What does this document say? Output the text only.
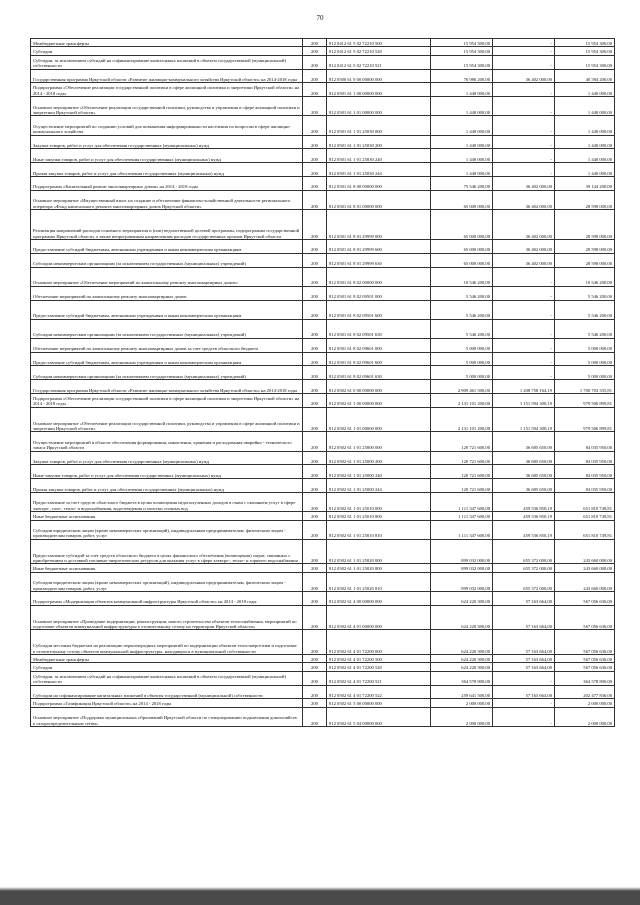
70
Межбюджетные трансферты	200	812 0412 61 5 02 72210 500	15 954 300,00	-	15 954 300,00
Субсидии	200	812 0412 61 5 02 72210 520	15 954 300,00	-	15 954 300,00
Субсидии, за исключением субсидий на софинансирование капитальных вложений в объекты государственной (муниципальной) собственности	200	812 0412 61 5 02 72210 521	15 954 300,00	-	15 954 300,00
Государственная программа Иркутской области «Развитие жилищно-коммунального хозяйства Иркутской области» на 2014-2018 годы	200	812 0500 61 0 00 00000 000	76 986 200,00	36 402 000,00	40 584 200,00
Подпрограмма «Обеспечение реализации государственной политики в сфере жилищной политики и энергетики Иркутской области» на 2014 - 2018 годы	200	812 0501 61 1 00 00000 000	1 440 000,00	-	1 440 000,00
Основное мероприятие «Обеспечение реализации государственной политики, руководства и управления в сфере жилищной политики и энергетики Иркутской области»	200	812 0501 61 1 01 00000 000	1 440 000,00	-	1 440 000,00
Осуществление мероприятий по созданию условий для повышения информированности населения по вопросам в сфере жилищно-коммунального хозяйства	200	812 0501 61 1 01 25030 000	1 440 000,00	-	1 440 000,00
Закупка товаров, работ и услуг для обеспечения государственных (муниципальных) нужд	200	812 0501 61 1 01 25030 200	1 440 000,00	-	1 440 000,00
Иные закупки товаров, работ и услуг для обеспечения государственных (муниципальных) нужд	200	812 0501 61 1 01 25030 240	1 440 000,00	-	1 440 000,00
Прочая закупка товаров, работ и услуг для обеспечения государственных (муниципальных) нужд	200	812 0501 61 1 01 25030 244	1 440 000,00	-	1 440 000,00
Подпрограмма «Капитальный ремонт многоквартирных домов» на 2014 - 2018 годы	200	812 0501 61 8 00 00000 000	75 546 200,00	36 402 000,00	39 144 200,00
Основное мероприятие «Имущественный взнос на создание и обеспечение финансово-хозяйственной деятельности регионального оператора «Фонд капитального ремонта многоквартирных домов Иркутской области»	200	812 0501 61 8 01 00000 000	65 000 000,00	36 402 000,00	28 598 000,00
Реализация направлений расходов основного мероприятия и (или) ведомственной целевой программы, подпрограммы государственной программы Иркутской области, а также непрограммным направлениям расходов государственных органов Иркутской области	200	812 0501 61 8 01 29999 000	65 000 000,00	36 402 000,00	28 598 000,00
Предоставление субсидий бюджетным, автономным учреждениям и иным некоммерческим организациям	200	812 0501 61 8 01 29999 600	65 000 000,00	36 402 000,00	28 598 000,00
Субсидии некоммерческим организациям (за исключением государственных (муниципальных) учреждений)	200	812 0501 61 8 01 29999 630	65 000 000,00	36 402 000,00	28 598 000,00
Основное мероприятие «Обеспечение мероприятий по капитальному ремонту многоквартирных домов»	200	812 0501 61 8 02 00000 000	10 546 200,00	-	10 546 200,00
Обеспечение мероприятий по капитальному ремонту многоквартирных домов	200	812 0501 61 8 02 09501 000	5 546 200,00	-	5 546 200,00
Предоставление субсидий бюджетным, автономным учреждениям и иным некоммерческим организациям	200	812 0501 61 8 02 09501 600	5 546 200,00	-	5 546 200,00
Субсидии некоммерческим организациям (за исключением государственных (муниципальных) учреждений)	200	812 0501 61 8 02 09501 630	5 546 200,00	-	5 546 200,00
Обеспечение мероприятий по капитальному ремонту многоквартирных домов за счет средств областного бюджета	200	812 0501 61 8 02 09601 000	5 000 000,00	-	5 000 000,00
Предоставление субсидий бюджетным, автономным учреждениям и иным некоммерческим организациям	200	812 0501 61 8 02 09601 600	5 000 000,00	-	5 000 000,00
Субсидии некоммерческим организациям (за исключением государственных (муниципальных) учреждений)	200	812 0501 61 8 02 09601 630	5 000 000,00	-	5 000 000,00
Государственная программа Иркутской области «Развитие жилищно-коммунального хозяйства Иркутской области» на 2014-2018 годы	200	812 0502 61 0 00 00000 000	2 909 461 500,00	1 208 758 164,19	1 700 703 335,81
Подпрограмма «Обеспечение реализации государственной политики в сфере жилищной политики и энергетики Иркутской области» на 2014 - 2018 годы	200	812 0502 61 1 00 00000 000	2 131 101 200,00	1 151 594 300,19	979 506 899,81
Основное мероприятие «Обеспечение реализации государственной политики, руководства и управления в сфере жилищной политики и энергетики Иркутской области»	200	812 0502 61 1 01 00000 000	2 131 101 200,00	1 151 594 300,19	979 506 899,81
Осуществление мероприятий в области обеспечения формирования, накопления, хранения и расходования аварийно - технического запаса Иркутской области	200	812 0502 61 1 01 25000 000	120 721 600,00	36 685 650,00	84 035 950,00
Закупка товаров, работ и услуг для обеспечения государственных (муниципальных) нужд	200	812 0502 61 1 01 25000 200	120 721 600,00	36 685 650,00	84 035 950,00
Иные закупки товаров, работ и услуг для обеспечения государственных (муниципальных) нужд	200	812 0502 61 1 01 25000 240	120 721 600,00	36 685 650,00	84 035 950,00
Прочая закупка товаров, работ и услуг для обеспечения государственных (муниципальных) нужд	200	812 0502 61 1 01 25000 244	120 721 600,00	36 685 650,00	84 035 950,00
Предоставление за счет средств областного бюджета в целях возмещения недополученных доходов в связи с оказанием услуг в сфере электро-, газо-, тепло- и водоснабжения, водоотведения и очистки сточных вод	200	812 0502 61 1 01 25010 000	1 111 347 600,00	459 536 850,19	651 810 749,81
Иные бюджетные ассигнования	200	812 0502 61 1 01 25010 800	1 111 347 600,00	459 536 850,19	651 810 749,81
Субсидии юридическим лицам (кроме некоммерческих организаций), индивидуальным предпринимателям, физическим лицам - производителям товаров, работ, услуг	200	812 0502 61 1 01 25010 810	1 111 347 600,00	459 536 850,19	651 810 749,81
Предоставление субсидий за счет средств областного бюджета в целях финансового обеспечения (возмещения) затрат, связанных с приобретением и доставкой топливно-энергетических ресурсов для оказания услуг в сфере электро-, тепло- и горячего водоснабжения	200	812 0502 61 1 01 25020 000	899 032 000,00	655 372 000,00	243 660 000,00
Иные бюджетные ассигнования	200	812 0502 61 1 01 25020 800	899 032 000,00	655 372 000,00	243 660 000,00
Субсидии юридическим лицам (кроме некоммерческих организаций), индивидуальным предпринимателям, физическим лицам - производителям товаров, работ, услуг	200	812 0502 61 1 01 25020 810	899 032 000,00	655 372 000,00	243 660 000,00
Подпрограмма «Модернизация объектов коммунальной инфраструктуры Иркутской области» на 2014 - 2018 годы	200	812 0502 61 4 00 00000 000	624 220 300,00	57 163 664,00	567 056 636,00
Основное мероприятие «Проведение модернизации, реконструкции, нового строительства объектов теплоснабжения, мероприятий по подготовке объектов коммунальной инфраструктуры к отопительному сезону на территории Иркутской области»	200	812 0502 61 4 01 00000 000	624 220 300,00	57 163 664,00	567 056 636,00
Субсидии местным бюджетам на реализацию первоочередных мероприятий по модернизации объектов теплоэнергетики и подготовке к отопительному сезону объектов коммунальной инфраструктуры, находящихся в муниципальной собственности	200	812 0502 61 4 01 72200 000	624 220 300,00	57 163 664,00	567 056 636,00
Межбюджетные трансферты	200	812 0502 61 4 01 72200 500	624 220 300,00	57 163 664,00	567 056 636,00
Субсидии	200	812 0502 61 4 01 72200 520	624 220 300,00	57 163 664,00	567 056 636,00
Субсидии, за исключением субсидий на софинансирование капитальных вложений в объекты государственной (муниципальной) собственности	200	812 0502 61 4 01 72200 521	364 578 800,00	-	364 578 800,00
Субсидии на софинансирование капитальных вложений в объекты государственной (муниципальной) собственности	200	812 0502 61 4 01 72200 522	259 641 500,00	57 163 664,00	202 477 836,00
Подпрограмма «Газификация Иркутской области» на 2014 - 2018 годы	200	812 0502 61 5 00 00000 000	2 000 000,00	-	2 000 000,00
Основное мероприятие «Поддержка муниципальных образований Иркутской области по стимулированию подключения домохозяйств к газораспределительным сетям»	200	812 0502 61 5 04 00000 000	2 000 000,00	-	2 000 000,00
